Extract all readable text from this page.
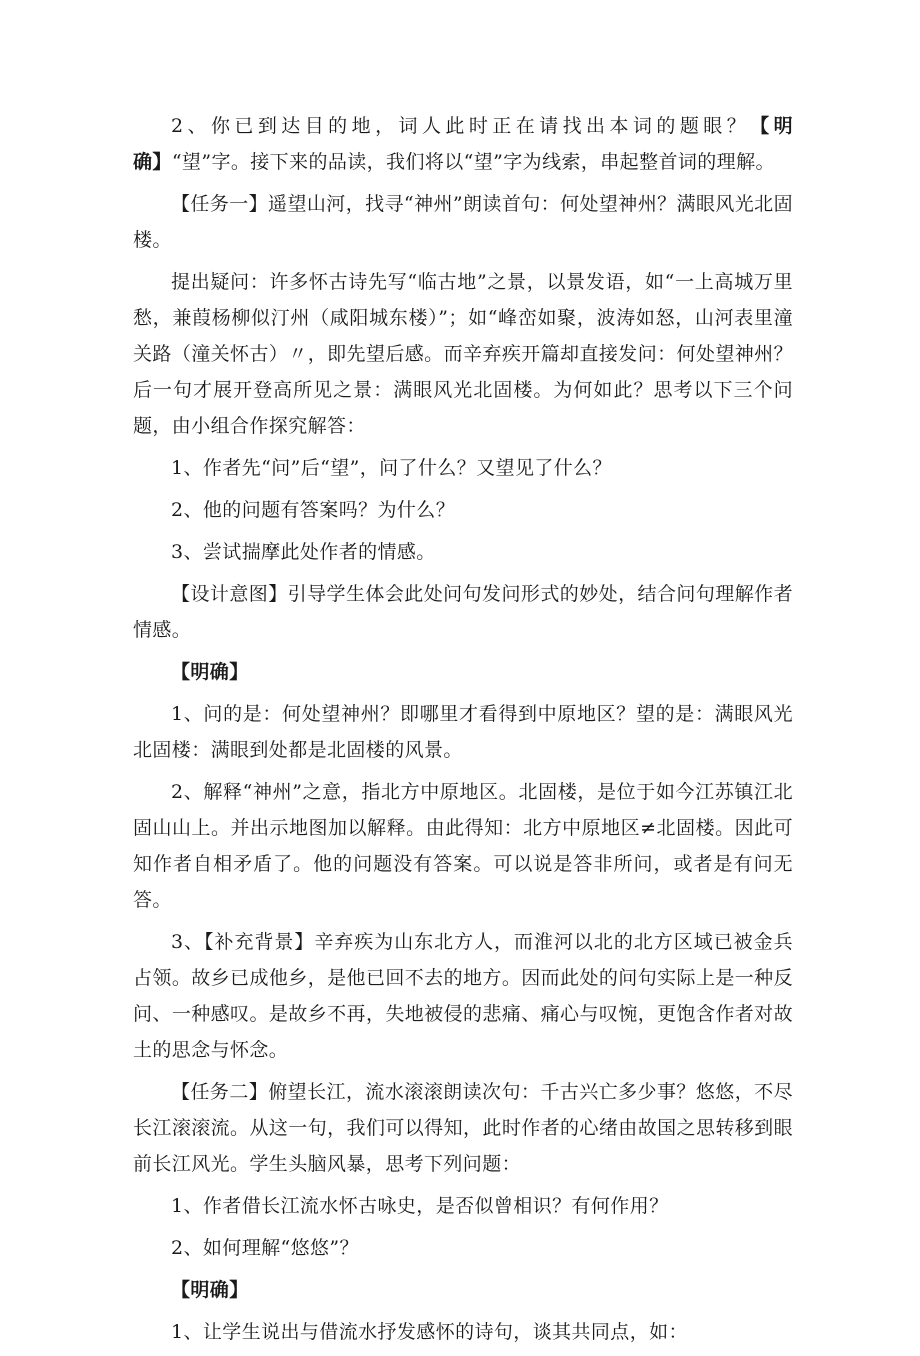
2、你已到达目的地，词人此时正在请找出本词的题眼？【明确】“望”字。接下来的品读，我们将以“望”字为线索，串起整首词的理解。

【任务一】遥望山河，找寻“神州”朗读首句：何处望神州？满眼风光北固楼。

提出疑问：许多怀古诗先写“临古地”之景，以景发语，如“一上高城万里愁，兼葭杨柳似汀州（咸阳城东楼）”；如“峰峦如聚，波涛如怒，山河表里潼关路（潼关怀古）〃，即先望后感。而辛弃疾开篇却直接发问：何处望神州？后一句才展开登高所见之景：满眼风光北固楼。为何如此？思考以下三个问题，由小组合作探究解答：

1、作者先“问”后“望”，问了什么？又望见了什么？

2、他的问题有答案吗？为什么？

3、尝试揣摩此处作者的情感。

【设计意图】引导学生体会此处问句发问形式的妙处，结合问句理解作者情感。

【明确】

1、问的是：何处望神州？即哪里才看得到中原地区？望的是：满眼风光北固楼：满眼到处都是北固楼的风景。

2、解释“神州”之意，指北方中原地区。北固楼，是位于如今江苏镇江北固山山上。并出示地图加以解释。由此得知：北方中原地区≠北固楼。因此可知作者自相矛盾了。他的问题没有答案。可以说是答非所问，或者是有问无答。

3、【补充背景】辛弃疾为山东北方人，而淮河以北的北方区域已被金兵占领。故乡已成他乡，是他已回不去的地方。因而此处的问句实际上是一种反问、一种感叹。是故乡不再，失地被侵的悲痛、痛心与叹惋，更饱含作者对故土的思念与怀念。

【任务二】俯望长江，流水滚滚朗读次句：千古兴亡多少事？悠悠，不尽长江滚滚流。从这一句，我们可以得知，此时作者的心绪由故国之思转移到眼前长江风光。学生头脑风暴，思考下列问题：

1、作者借长江流水怀古咏史，是否似曾相识？有何作用？

2、如何理解“悠悠”？

【明确】

1、让学生说出与借流水抒发感怀的诗句，谈其共同点，如：
